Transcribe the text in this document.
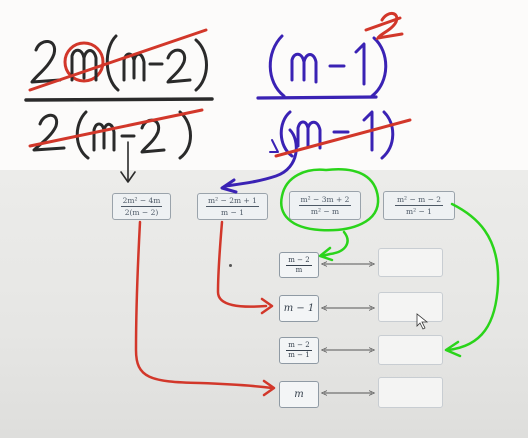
$\frac{\text{2m² − 4m}}{2(m - 2)}$	$\frac{\text{m² − 2m + 1}}{m - 1}$	$\frac{\text{m² − 3m + 2}}{\text{m² − m}}$	$\frac{\text{m² − m − 2}}{\text{m² − 1}}$
$\frac{m - 2}{m}$
m − 1
$\frac{m - 2}{m - 1}$
m
